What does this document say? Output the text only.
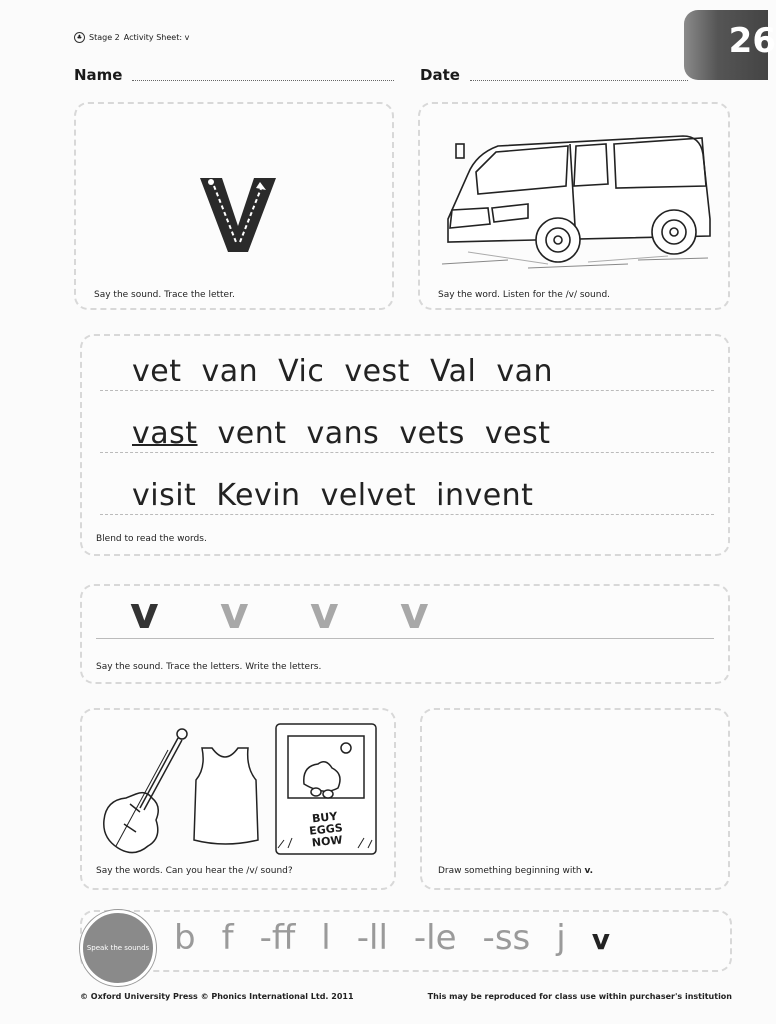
♣ Stage 2 Activity Sheet: v	26
Name	Date
Say the sound. Trace the letter.	Say the word. Listen for the /v/ sound.
vet van Vic vest Val van
vast vent vans vets vest
visit Kevin velvet invent
Blend to read the words.
v v v v
Say the sound. Trace the letters. Write the letters.
BUY EGGS
NOW
Say the words. Can you hear the /v/ sound?	Draw something beginning with v.
Speak the sounds b f -ff l -ll -le -ss j v
© Oxford University Press © Phonics International Ltd. 2011	This may be reproduced for class use within purchaser's institution
